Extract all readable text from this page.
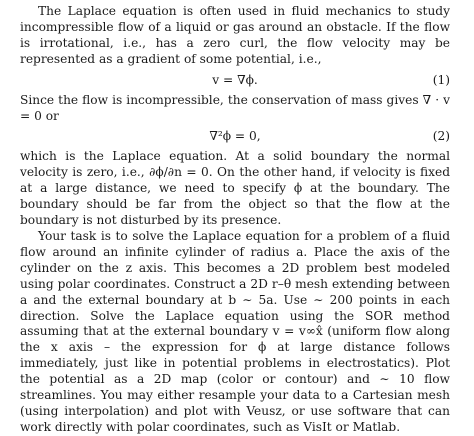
The Laplace equation is often used in fluid mechanics to study incompressible flow of a liquid or gas around an obstacle. If the flow is irrotational, i.e., has a zero curl, the flow velocity may be represented as a gradient of some potential, i.e.,

v = ∇ϕ.	(1)

Since the flow is incompressible, the conservation of mass gives ∇ · v = 0 or

∇²ϕ = 0,	(2)

which is the Laplace equation. At a solid boundary the normal velocity is zero, i.e., ∂ϕ/∂n = 0. On the other hand, if velocity is fixed at a large distance, we need to specify ϕ at the boundary. The boundary should be far from the object so that the flow at the boundary is not disturbed by its presence.

Your task is to solve the Laplace equation for a problem of a fluid flow around an infinite cylinder of radius a. Place the axis of the cylinder on the z axis. This becomes a 2D problem best modeled using polar coordinates. Construct a 2D r–θ mesh extending between a and the external boundary at b ∼ 5a. Use ∼ 200 points in each direction. Solve the Laplace equation using the SOR method assuming that at the external boundary v = v∞x̂ (uniform flow along the x axis – the expression for ϕ at large distance follows immediately, just like in potential problems in electrostatics). Plot the potential as a 2D map (color or contour) and ∼ 10 flow streamlines. You may either resample your data to a Cartesian mesh (using interpolation) and plot with Veusz, or use software that can work directly with polar coordinates, such as VisIt or Matlab.
